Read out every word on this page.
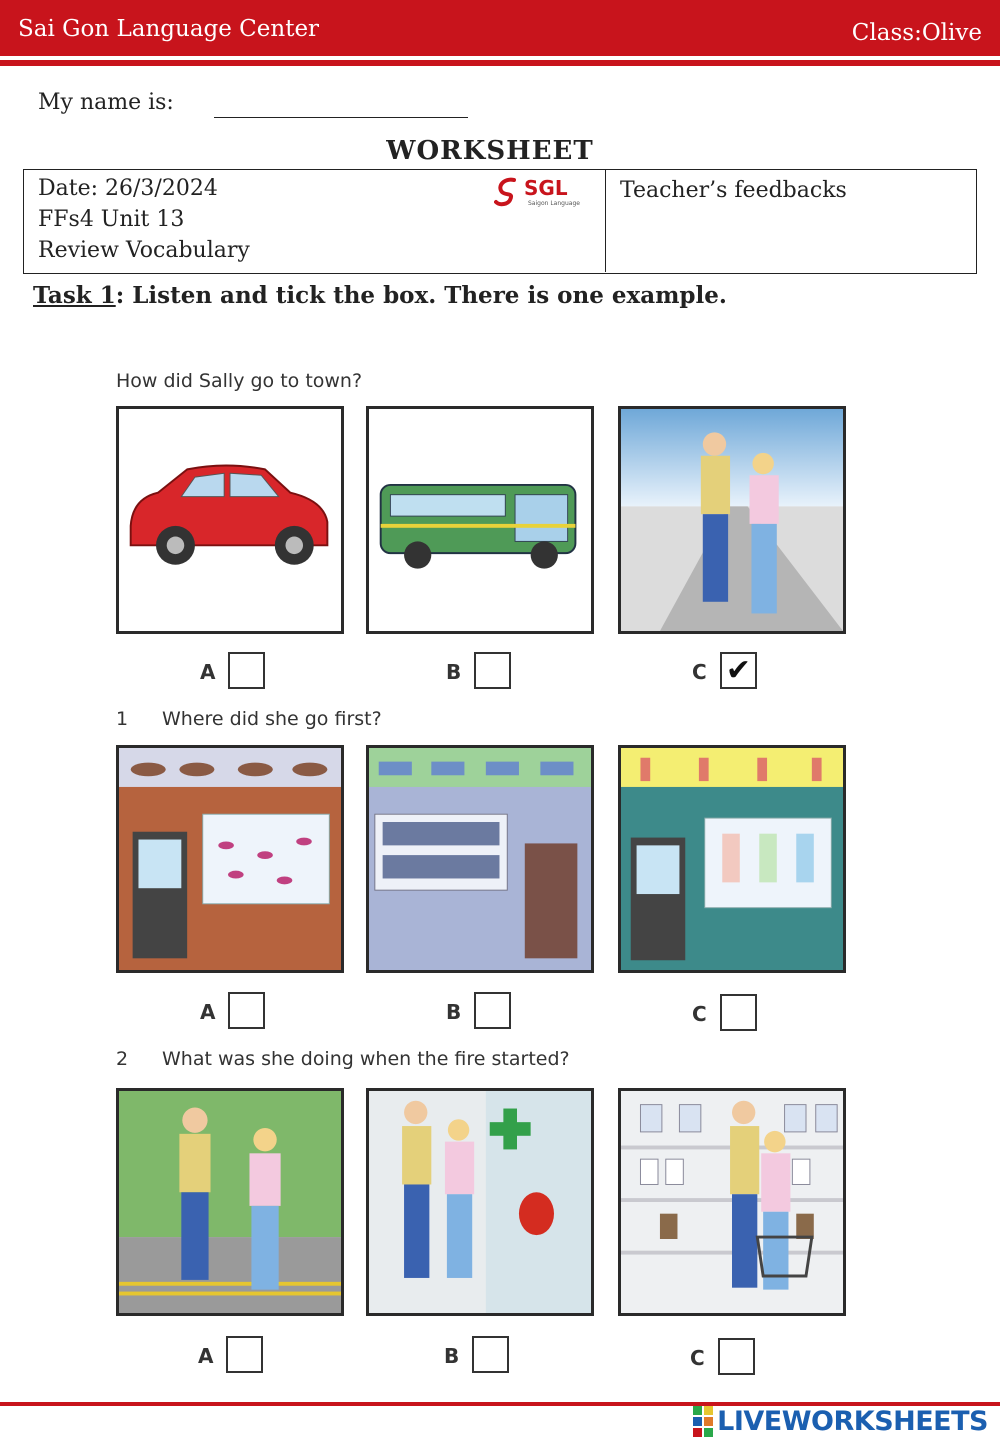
Sai Gon Language Center	Class:Olive
My name is:
WORKSHEET
Date: 26/3/2024
FFs4 Unit 13
Review Vocabulary
SGL
Saigon Language
Teacher’s feedbacks
Task 1: Listen and tick the box. There is one example.
How did Sally go to town?
A	B	C ✔
1 Where did she go first?
A	B	C
2 What was she doing when the fire started?
A	B	C
LIVEWORKSHEETS
